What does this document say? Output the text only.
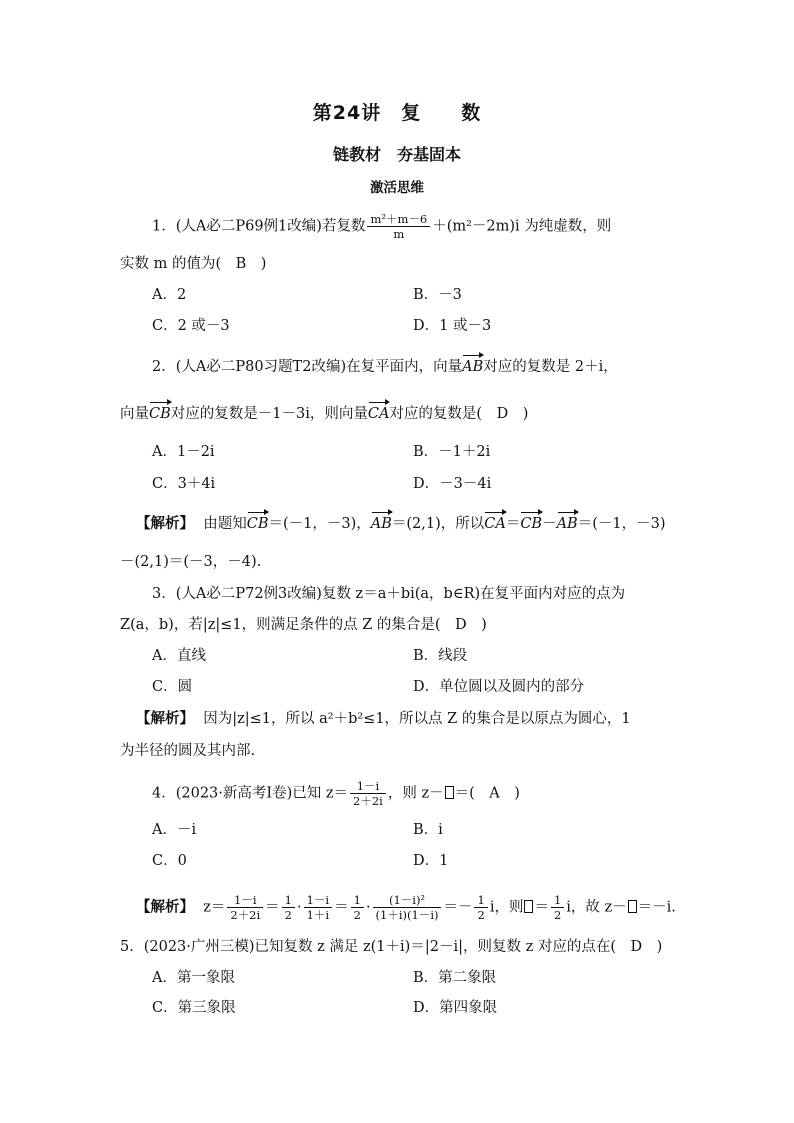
第24讲　复　　数
链教材　夯基固本
激活思维
1．(人A必二P69例1改编)若复数 $\frac{\text{m²＋m－6}}{m} +(m^2-2m)i$ 为纯虚数，则
实数 m 的值为(　B　)
A．2	B．－3
C．2 或－3	D．1 或－3
2．(人A必二P80习题T2改编)在复平面内，向量AB对应的复数是 2＋i，
向量CB对应的复数是－1－3i，则向量CA对应的复数是(　D　)
A．1－2i	B．－1＋2i
C．3＋4i	D．－3－4i
【解析】 由题知CB＝(－1，－3)，AB＝(2,1)，所以CA＝CB－AB＝(－1，－3)
－(2,1)＝(－3，－4).
3．(人A必二P72例3改编)复数 z＝a＋bi(a，b∈R)在复平面内对应的点为
Z(a，b)，若|z|≤1，则满足条件的点 Z 的集合是(　D　)
A．直线	B．线段
C．圆	D．单位圆以及圆内的部分
【解析】 因为|z|≤1，所以 a²＋b²≤1，所以点 Z 的集合是以原点为圆心，1
为半径的圆及其内部.
4．(2023·新高考Ⅰ卷)已知 $z= \frac{1-i}{2+2i}$ ，则 z－ ＝(　A　)
A．－i	B．i
C．0	D．1
【解析】 $z= \frac{1-i}{2+2i} = \frac{1}{2} \cdot \frac{1-i}{1+i} = \frac{1}{2} \cdot \frac{\text{(1－i)²}}{(1+i)(1-i)} =- \frac{1}{2}$ i，则 ＝ $\frac{1}{2}$ i，故 z－ ＝－i.
5．(2023·广州三模)已知复数 z 满足 z(1＋i)＝|2－i|，则复数 z 对应的点在(　D　)
A．第一象限	B．第二象限
C．第三象限	D．第四象限
